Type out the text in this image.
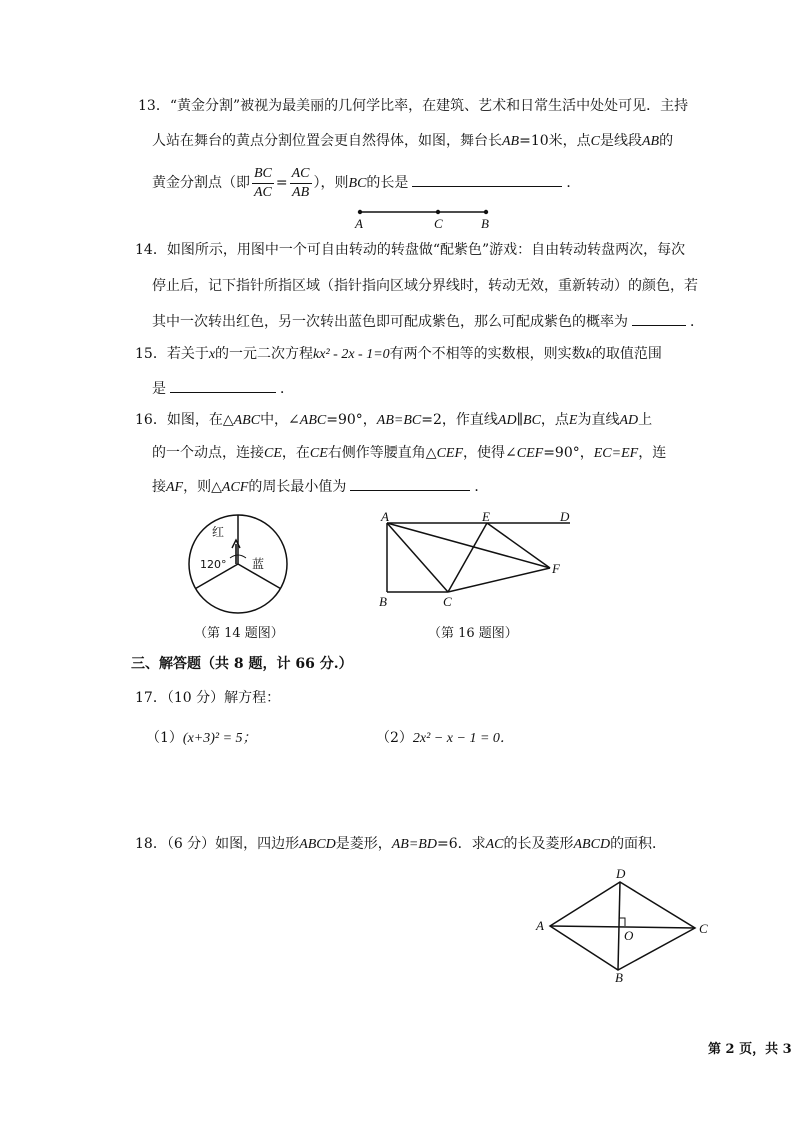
13．“黄金分割”被视为最美丽的几何学比率，在建筑、艺术和日常生活中处处可见．主持
人站在舞台的黄点分割位置会更自然得体，如图，舞台长AB=10米，点C是线段AB的
黄金分割点（即 $\frac{BC}{AC} = \frac{AC}{AB}$ ），则BC的长是	．
A	C	B
14．如图所示，用图中一个可自由转动的转盘做“配紫色”游戏：自由转动转盘两次，每次
停止后，记下指针所指区域（指针指向区域分界线时，转动无效，重新转动）的颜色，若
其中一次转出红色，另一次转出蓝色即可配成紫色，那么可配成紫色的概率为	．
15．若关于x的一元二次方程kx² - 2x - 1=0有两个不相等的实数根，则实数k的取值范围
是	．
16．如图，在△ABC中，∠ABC=90°，AB=BC=2，作直线AD∥BC，点E为直线AD上
的一个动点，连接CE，在CE右侧作等腰直角△CEF，使得∠CEF=90°，EC=EF，连
接AF，则△ACF的周长最小值为	．
红
蓝
120°
（第 14 题图）
A	E	D
F
B	C
（第 16 题图）
三、解答题（共 8 题，计 66 分.）
17．（10 分）解方程：
（1）(x+3)² = 5；	（2）2x² − x − 1 = 0．
18．（6 分）如图，四边形ABCD是菱形，AB=BD=6．求AC的长及菱形ABCD的面积．
A
D
C
B
O
第 2 页，共 3
